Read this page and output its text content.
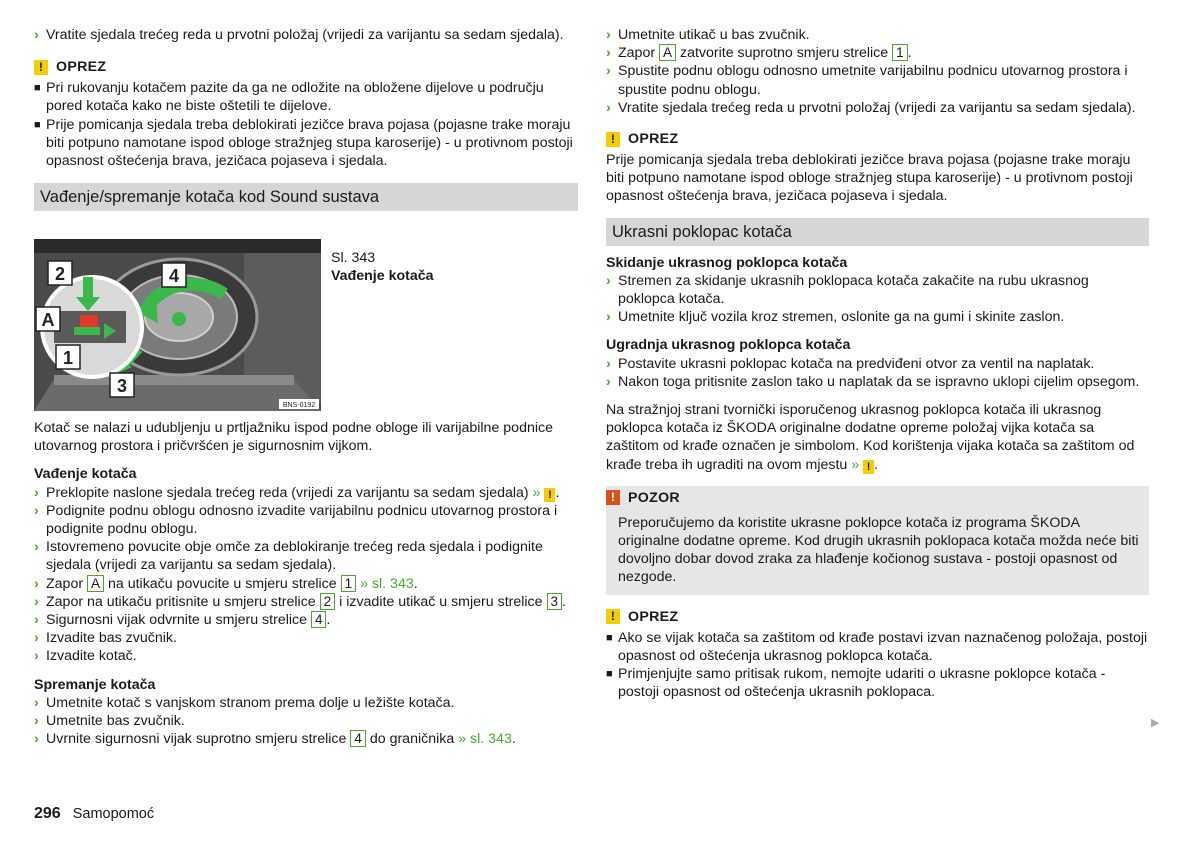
› Vratite sjedala trećeg reda u prvotni položaj (vrijedi za varijantu sa sedam sjedala).
! OPREZ
■ Pri rukovanju kotačem pazite da ga ne odložite na obložene dijelove u području pored kotača kako ne biste oštetili te dijelove.
■ Prije pomicanja sjedala treba deblokirati jezičce brava pojasa (pojasne trake moraju biti potpuno namotane ispod obloge stražnjeg stupa karoserije) - u protivnom postoji opasnost oštećenja brava, jezičaca pojaseva i sjedala.
Vađenje/spremanje kotača kod Sound sustava
2	4
A
1
3
BNS-0192
Sl. 343
Vađenje kotača

Kotač se nalazi u udubljenju u prtljažniku ispod podne obloge ili varijabilne podnice utovarnog prostora i pričvršćen je sigurnosnim vijkom.

Vađenje kotača
› Preklopite naslone sjedala trećeg reda (vrijedi za varijantu sa sedam sjedala) » ! .
› Podignite podnu oblogu odnosno izvadite varijabilnu podnicu utovarnog prostora i podignite podnu oblogu.
› Istovremeno povucite obje omče za deblokiranje trećeg reda sjedala i podignite sjedala (vrijedi za varijantu sa sedam sjedala).
› Zapor A na utikaču povucite u smjeru strelice 1 » sl. 343.
› Zapor na utikaču pritisnite u smjeru strelice 2 i izvadite utikač u smjeru strelice 3 .
› Sigurnosni vijak odvrnite u smjeru strelice 4 .
› Izvadite bas zvučnik.
› Izvadite kotač.
Spremanje kotača
› Umetnite kotač s vanjskom stranom prema dolje u ležište kotača.
› Umetnite bas zvučnik.
› Uvrnite sigurnosni vijak suprotno smjeru strelice 4 do graničnika » sl. 343.
› Umetnite utikač u bas zvučnik.
› Zapor A zatvorite suprotno smjeru strelice 1 .
› Spustite podnu oblogu odnosno umetnite varijabilnu podnicu utovarnog prostora i spustite podnu oblogu.
› Vratite sjedala trećeg reda u prvotni položaj (vrijedi za varijantu sa sedam sjedala).
! OPREZ

Prije pomicanja sjedala treba deblokirati jezičce brava pojasa (pojasne trake moraju biti potpuno namotane ispod obloge stražnjeg stupa karoserije) - u protivnom postoji opasnost oštećenja brava, jezičaca pojaseva i sjedala.

Ukrasni poklopac kotača
Skidanje ukrasnog poklopca kotača
› Stremen za skidanje ukrasnih poklopaca kotača zakačite na rubu ukrasnog poklopca kotača.
› Umetnite ključ vozila kroz stremen, oslonite ga na gumi i skinite zaslon.
Ugradnja ukrasnog poklopca kotača
› Postavite ukrasni poklopac kotača na predviđeni otvor za ventil na naplatak.
› Nakon toga pritisnite zaslon tako u naplatak da se ispravno uklopi cijelim opsegom.

Na stražnjoj strani tvornički isporučenog ukrasnog poklopca kotača ili ukrasnog poklopca kotača iz ŠKODA originalne dodatne opreme položaj vijka kotača sa zaštitom od krađe označen je simbolom. Kod korištenja vijaka kotača sa zaštitom od krađe treba ih ugraditi na ovom mjestu » ! .

! POZOR

Preporučujemo da koristite ukrasne poklopce kotača iz programa ŠKODA originalne dodatne opreme. Kod drugih ukrasnih poklopaca kotača možda neće biti dovoljno dobar dovod zraka za hlađenje kočionog sustava - postoji opasnost od nezgode.

! OPREZ
■ Ako se vijak kotača sa zaštitom od krađe postavi izvan naznačenog položaja, postoji opasnost od oštećenja ukrasnog poklopca kotača.
■ Primjenjujte samo pritisak rukom, nemojte udariti o ukrasne poklopce kotača - postoji opasnost od oštećenja ukrasnih poklopaca.
▶
296 Samopomoć
